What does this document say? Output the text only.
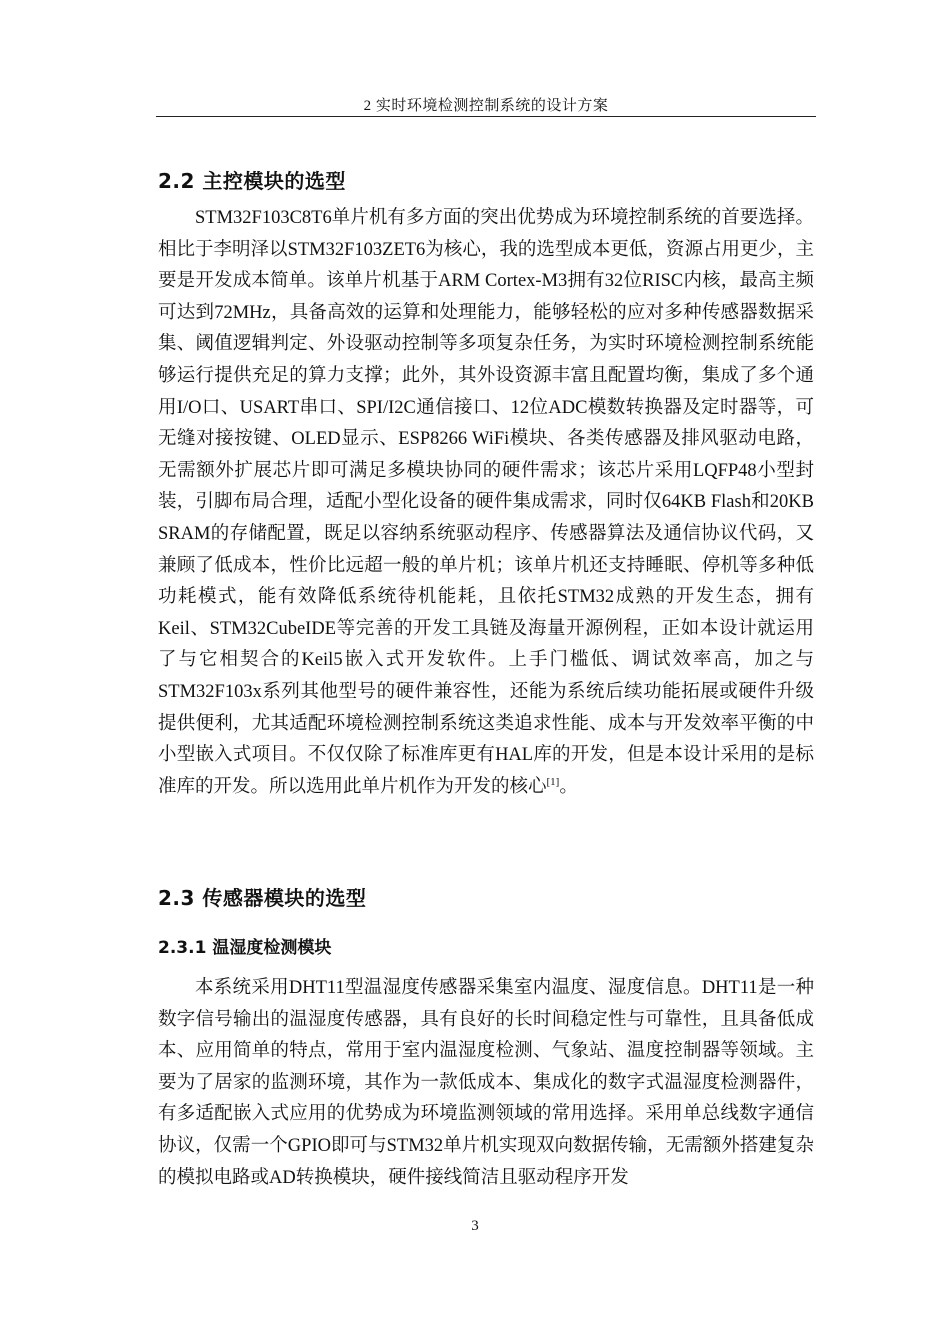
2 实时环境检测控制系统的设计方案
2.2 主控模块的选型

STM32F103C8T6单片机有多方面的突出优势成为环境控制系统的首要选择。相比于李明泽以STM32F103ZET6为核心，我的选型成本更低，资源占用更少，主要是开发成本简单。该单片机基于ARM Cortex-M3拥有32位RISC内核，最高主频可达到72MHz，具备高效的运算和处理能力，能够轻松的应对多种传感器数据采集、阈值逻辑判定、外设驱动控制等多项复杂任务，为实时环境检测控制系统能够运行提供充足的算力支撑；此外，其外设资源丰富且配置均衡，集成了多个通用I/O口、USART串口、SPI/I2C通信接口、12位ADC模数转换器及定时器等，可无缝对接按键、OLED显示、ESP8266 WiFi模块、各类传感器及排风驱动电路，无需额外扩展芯片即可满足多模块协同的硬件需求；该芯片采用LQFP48小型封装，引脚布局合理，适配小型化设备的硬件集成需求，同时仅64KB Flash和20KB SRAM的存储配置，既足以容纳系统驱动程序、传感器算法及通信协议代码，又兼顾了低成本，性价比远超一般的单片机；该单片机还支持睡眠、停机等多种低功耗模式，能有效降低系统待机能耗，且依托STM32成熟的开发生态，拥有Keil、STM32CubeIDE等完善的开发工具链及海量开源例程，正如本设计就运用了与它相契合的Keil5嵌入式开发软件。上手门槛低、调试效率高，加之与STM32F103x系列其他型号的硬件兼容性，还能为系统后续功能拓展或硬件升级提供便利，尤其适配环境检测控制系统这类追求性能、成本与开发效率平衡的中小型嵌入式项目。不仅仅除了标准库更有HAL库的开发，但是本设计采用的是标准库的开发。所以选用此单片机作为开发的核心[1]。

2.3 传感器模块的选型
2.3.1 温湿度检测模块

本系统采用DHT11型温湿度传感器采集室内温度、湿度信息。DHT11是一种数字信号输出的温湿度传感器，具有良好的长时间稳定性与可靠性，且具备低成本、应用简单的特点，常用于室内温湿度检测、气象站、温度控制器等领域。主要为了居家的监测环境，其作为一款低成本、集成化的数字式温湿度检测器件，有多适配嵌入式应用的优势成为环境监测领域的常用选择。采用单总线数字通信协议，仅需一个GPIO即可与STM32单片机实现双向数据传输，无需额外搭建复杂的模拟电路或AD转换模块，硬件接线简洁且驱动程序开发

3
